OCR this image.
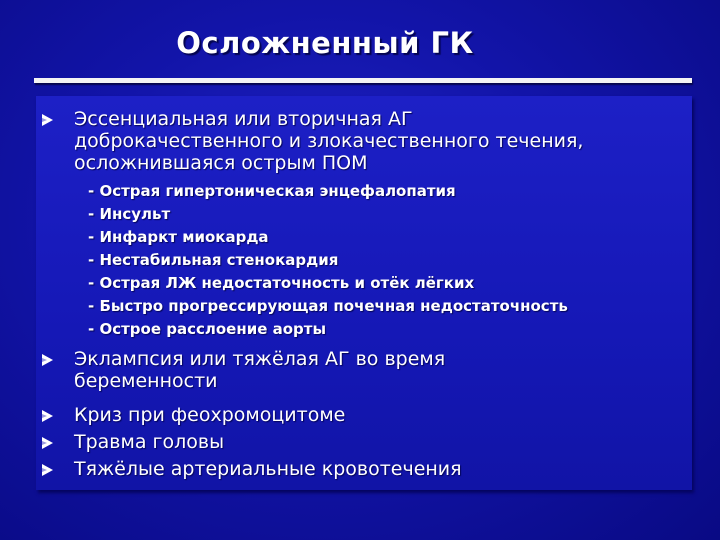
Осложненный ГК
Эссенциальная или вторичная АГ
доброкачественного и злокачественного течения,
осложнившаяся острым ПОМ
- Острая гипертоническая энцефалопатия
- Инсульт
- Инфаркт миокарда
- Нестабильная стенокардия
- Острая ЛЖ недостаточность и отёк лёгких
- Быстро прогрессирующая почечная недостаточность
- Острое расслоение аорты
Эклампсия или тяжёлая АГ во время
беременности
Криз при феохромоцитоме
Травма головы
Тяжёлые артериальные кровотечения
